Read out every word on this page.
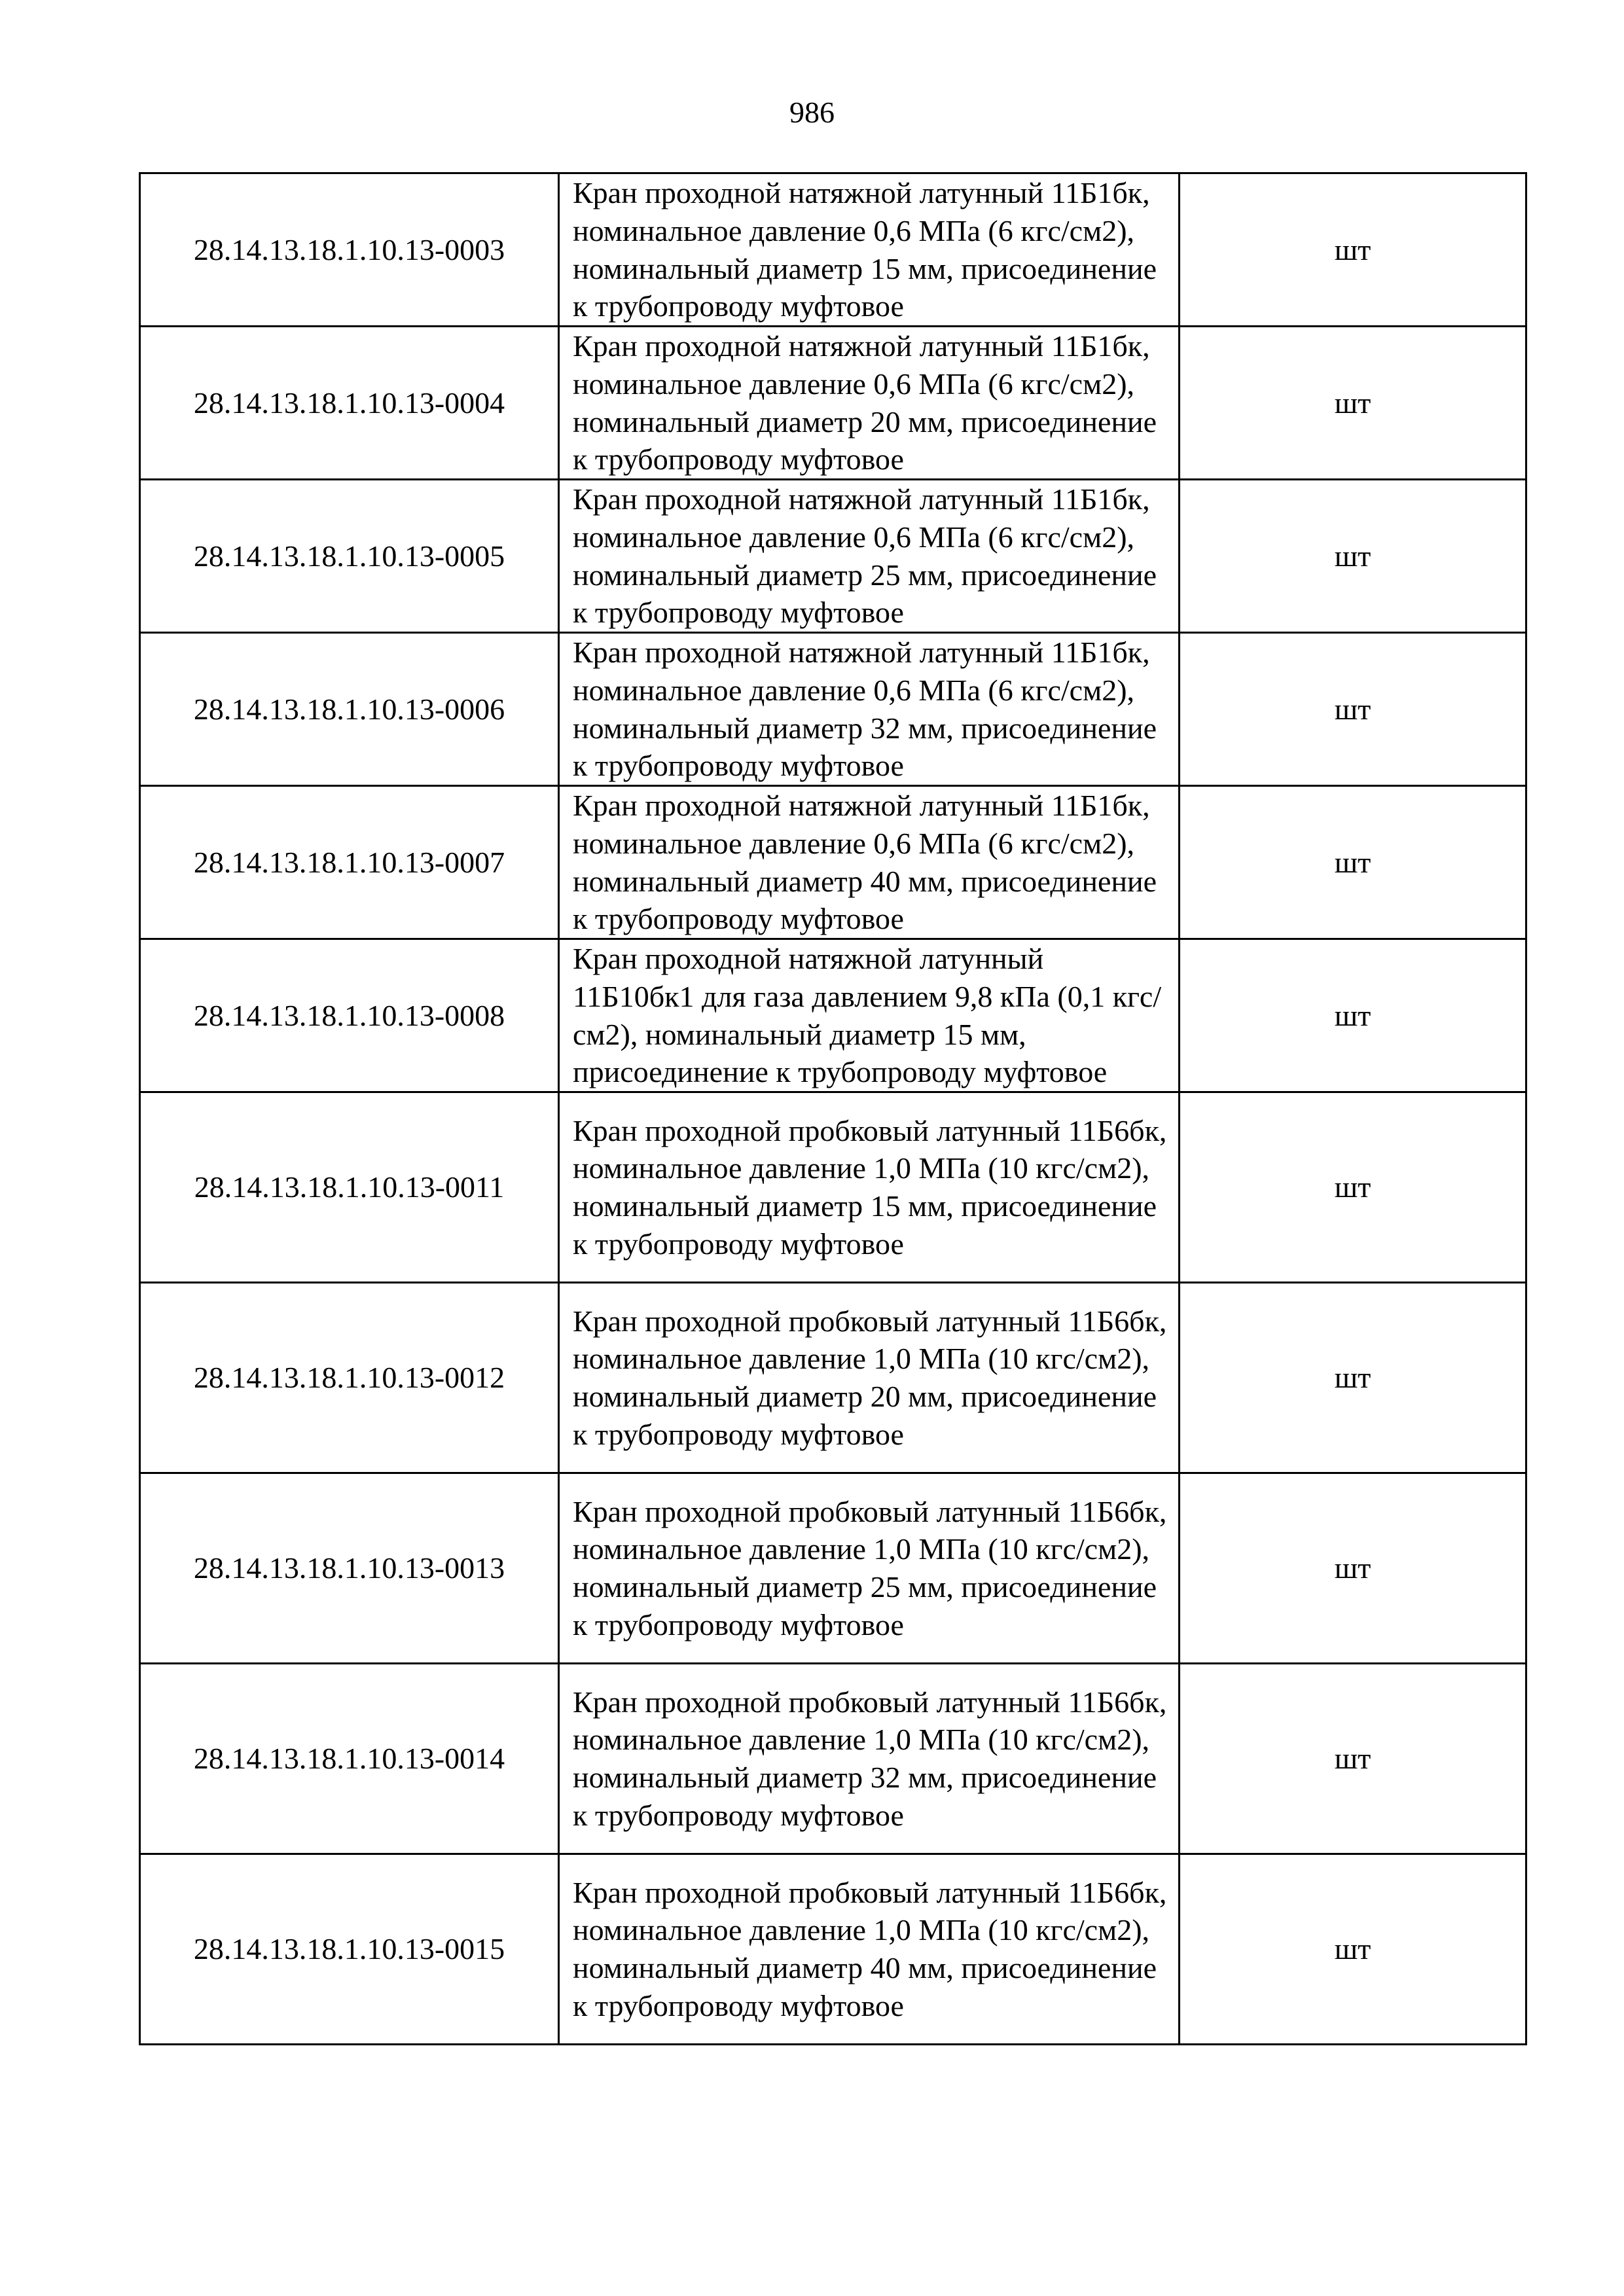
986
28.14.13.18.1.10.13-0003	Кран проходной натяжной латунный 11Б1бк, номинальное давление 0,6 МПа (6 кгс/см2), номинальный диаметр 15 мм, присоединение к трубопроводу муфтовое	шт
28.14.13.18.1.10.13-0004	Кран проходной натяжной латунный 11Б1бк, номинальное давление 0,6 МПа (6 кгс/см2), номинальный диаметр 20 мм, присоединение к трубопроводу муфтовое	шт
28.14.13.18.1.10.13-0005	Кран проходной натяжной латунный 11Б1бк, номинальное давление 0,6 МПа (6 кгс/см2), номинальный диаметр 25 мм, присоединение к трубопроводу муфтовое	шт
28.14.13.18.1.10.13-0006	Кран проходной натяжной латунный 11Б1бк, номинальное давление 0,6 МПа (6 кгс/см2), номинальный диаметр 32 мм, присоединение к трубопроводу муфтовое	шт
28.14.13.18.1.10.13-0007	Кран проходной натяжной латунный 11Б1бк, номинальное давление 0,6 МПа (6 кгс/см2), номинальный диаметр 40 мм, присоединение к трубопроводу муфтовое	шт
28.14.13.18.1.10.13-0008	Кран проходной натяжной латунный 11Б10бк1 для газа давлением 9,8 кПа (0,1 кгс/см2), номинальный диаметр 15 мм, присоединение к трубопроводу муфтовое	шт
28.14.13.18.1.10.13-0011	Кран проходной пробковый латунный 11Б6бк, номинальное давление 1,0 МПа (10 кгс/см2), номинальный диаметр 15 мм, присоединение к трубопроводу муфтовое	шт
28.14.13.18.1.10.13-0012	Кран проходной пробковый латунный 11Б6бк, номинальное давление 1,0 МПа (10 кгс/см2), номинальный диаметр 20 мм, присоединение к трубопроводу муфтовое	шт
28.14.13.18.1.10.13-0013	Кран проходной пробковый латунный 11Б6бк, номинальное давление 1,0 МПа (10 кгс/см2), номинальный диаметр 25 мм, присоединение к трубопроводу муфтовое	шт
28.14.13.18.1.10.13-0014	Кран проходной пробковый латунный 11Б6бк, номинальное давление 1,0 МПа (10 кгс/см2), номинальный диаметр 32 мм, присоединение к трубопроводу муфтовое	шт
28.14.13.18.1.10.13-0015	Кран проходной пробковый латунный 11Б6бк, номинальное давление 1,0 МПа (10 кгс/см2), номинальный диаметр 40 мм, присоединение к трубопроводу муфтовое	шт
